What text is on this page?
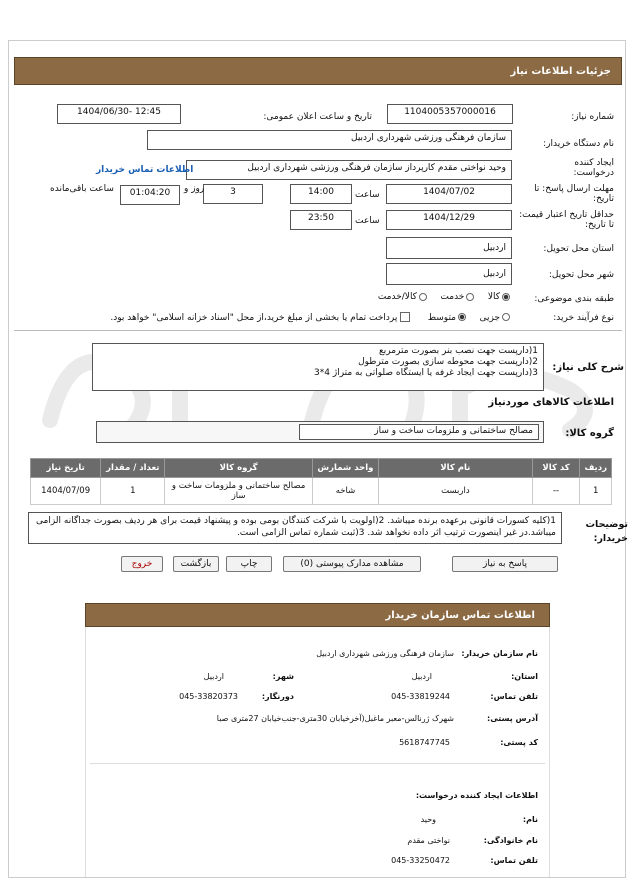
جزئیات اطلاعات نیاز
شماره نیاز:
1104005357000016
تاریخ و ساعت اعلان عمومی:
1404/06/30- 12:45
نام دستگاه خریدار:
سازمان فرهنگی ورزشی شهرداری اردبیل
ایجاد کننده درخواست:
وحید نواختی مقدم کارپرداز سازمان فرهنگی ورزشی شهرداری اردبیل
اطلاعات تماس خریدار
مهلت ارسال پاسخ: تا تاریخ:
1404/07/02
ساعت
14:00
3
روز و
01:04:20
ساعت باقی‌مانده
حداقل تاریخ اعتبار قیمت: تا تاریخ:
1404/12/29
ساعت
23:50
استان محل تحویل:
اردبیل
شهر محل تحویل:
اردبیل
طبقه بندی موضوعی:
کالا    خدمت    کالا/خدمت
نوع فرآیند خرید:
جزیی    متوسط     پرداخت تمام یا بخشی از مبلغ خرید،از محل "اسناد خزانه اسلامی" خواهد بود.
شرح کلی نیاز:
1(دارپست جهت نصب بنر بصورت مترمربع
2(دارپست جهت محوطه سازی بصورت مترطول
3(دارپست جهت ایجاد غرفه یا ایستگاه صلواتی به متراژ 4*3
اطلاعات کالاهای موردنیاز
گروه کالا:
مصالح ساختمانی و ملزومات ساخت و ساز
ردیف	کد کالا	نام کالا	واحد شمارش	گروه کالا	تعداد / مقدار	تاریخ نیاز
1	--	داربست	شاخه	مصالح ساختمانی و ملزومات ساخت و ساز	1	1404/07/09
توضیحات خریدار:
1(کلیه کسورات قانونی برعهده برنده میباشد. 2(اولویت با شرکت کنندگان بومی بوده و پیشنهاد قیمت برای هر ردیف بصورت جداگانه الزامی میباشد.در غیر اینصورت ترتیب اثر داده نخواهد شد. 3(ثبت شماره تماس الزامی است.
پاسخ به نیاز
مشاهده مدارک پیوستی (0)
چاپ
بازگشت
خروج
اطلاعات تماس سازمان خریدار
نام سازمان خریدار:
سازمان فرهنگی ورزشی شهرداری اردبیل
استان:
اردبیل
شهر:
اردبیل
تلفن تماس:
045-33819244
دورنگار:
045-33820373
آدرس پستی:
شهرک ژرنالس-معبر ماغبل(آخرخیابان 30متری-جنب‌خیابان 27متری صبا
کد پستی:
5618747745
اطلاعات ایجاد کننده درخواست:
نام:
وحید
نام خانوادگی:
نواختی مقدم
تلفن تماس:
045-33250472
